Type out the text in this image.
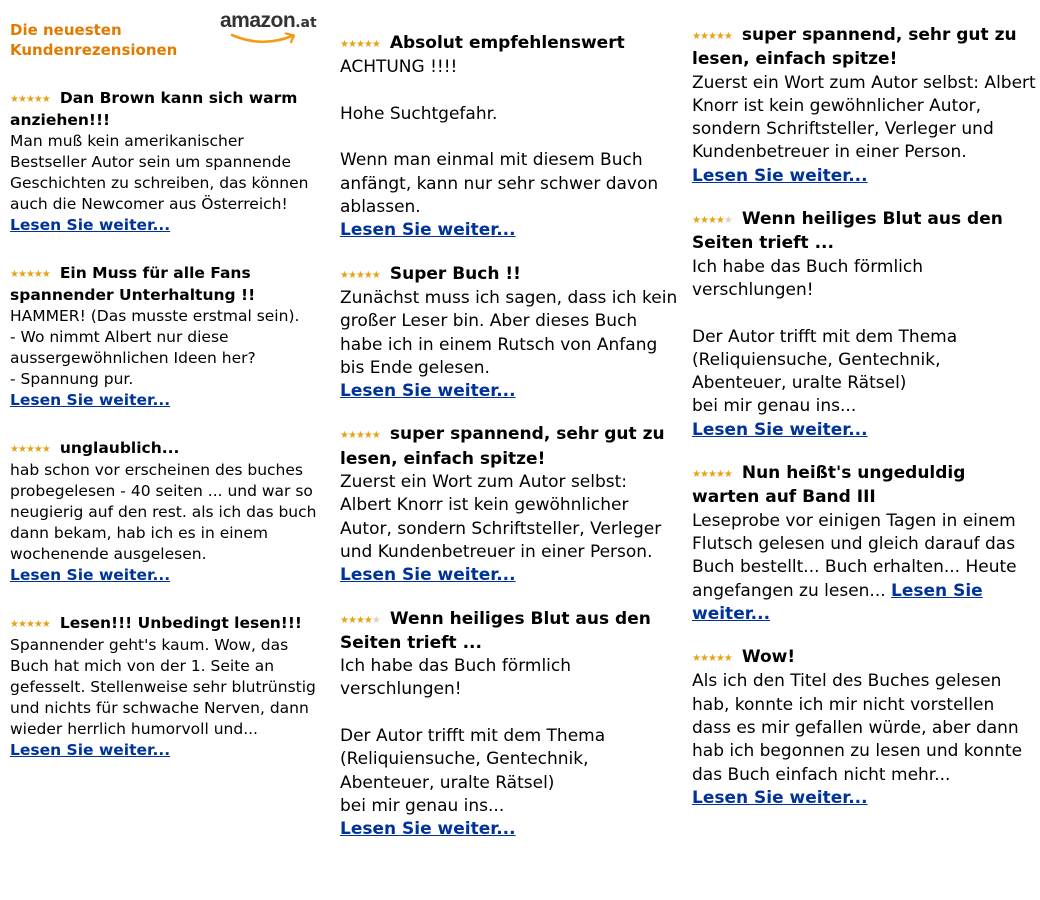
Die neuesten
Kundenrezensionen
amazon.at
★★★★★ Dan Brown kann sich warm anziehen!!!
Man muß kein amerikanischer Bestseller Autor sein um spannende Geschichten zu schreiben, das können auch die Newcomer aus Österreich!
Lesen Sie weiter...
★★★★★ Ein Muss für alle Fans spannender Unterhaltung !!
HAMMER! (Das musste erstmal sein).
- Wo nimmt Albert nur diese aussergewöhnlichen Ideen her?
- Spannung pur.
Lesen Sie weiter...
★★★★★ unglaublich...
hab schon vor erscheinen des buches probegelesen - 40 seiten ... und war so neugierig auf den rest. als ich das buch dann bekam, hab ich es in einem wochenende ausgelesen.
Lesen Sie weiter...
★★★★★ Lesen!!! Unbedingt lesen!!!
Spannender geht's kaum. Wow, das Buch hat mich von der 1. Seite an gefesselt. Stellenweise sehr blutrünstig und nichts für schwache Nerven, dann wieder herrlich humorvoll und...
Lesen Sie weiter...
★★★★★ Absolut empfehlenswert
ACHTUNG !!!!

Hohe Suchtgefahr.

Wenn man einmal mit diesem Buch anfängt, kann nur sehr schwer davon ablassen.
Lesen Sie weiter...
★★★★★ Super Buch !!
Zunächst muss ich sagen, dass ich kein großer Leser bin. Aber dieses Buch habe ich in einem Rutsch von Anfang bis Ende gelesen.
Lesen Sie weiter...
★★★★★ super spannend, sehr gut zu lesen, einfach spitze!
Zuerst ein Wort zum Autor selbst: Albert Knorr ist kein gewöhnlicher Autor, sondern Schriftsteller, Verleger und Kundenbetreuer in einer Person.
Lesen Sie weiter...
★★★★★ Wenn heiliges Blut aus den Seiten trieft ...
Ich habe das Buch förmlich verschlungen!

Der Autor trifft mit dem Thema (Reliquiensuche, Gentechnik, Abenteuer, uralte Rätsel)
bei mir genau ins...
Lesen Sie weiter...
★★★★★ super spannend, sehr gut zu lesen, einfach spitze!
Zuerst ein Wort zum Autor selbst: Albert Knorr ist kein gewöhnlicher Autor, sondern Schriftsteller, Verleger und Kundenbetreuer in einer Person.
Lesen Sie weiter...
★★★★★ Wenn heiliges Blut aus den Seiten trieft ...
Ich habe das Buch förmlich verschlungen!

Der Autor trifft mit dem Thema (Reliquiensuche, Gentechnik, Abenteuer, uralte Rätsel)
bei mir genau ins...
Lesen Sie weiter...
★★★★★ Nun heißt's ungeduldig warten auf Band III
Leseprobe vor einigen Tagen in einem Flutsch gelesen und gleich darauf das Buch bestellt... Buch erhalten... Heute angefangen zu lesen... Lesen Sie weiter...
★★★★★ Wow!
Als ich den Titel des Buches gelesen hab, konnte ich mir nicht vorstellen dass es mir gefallen würde, aber dann hab ich begonnen zu lesen und konnte das Buch einfach nicht mehr...
Lesen Sie weiter...
